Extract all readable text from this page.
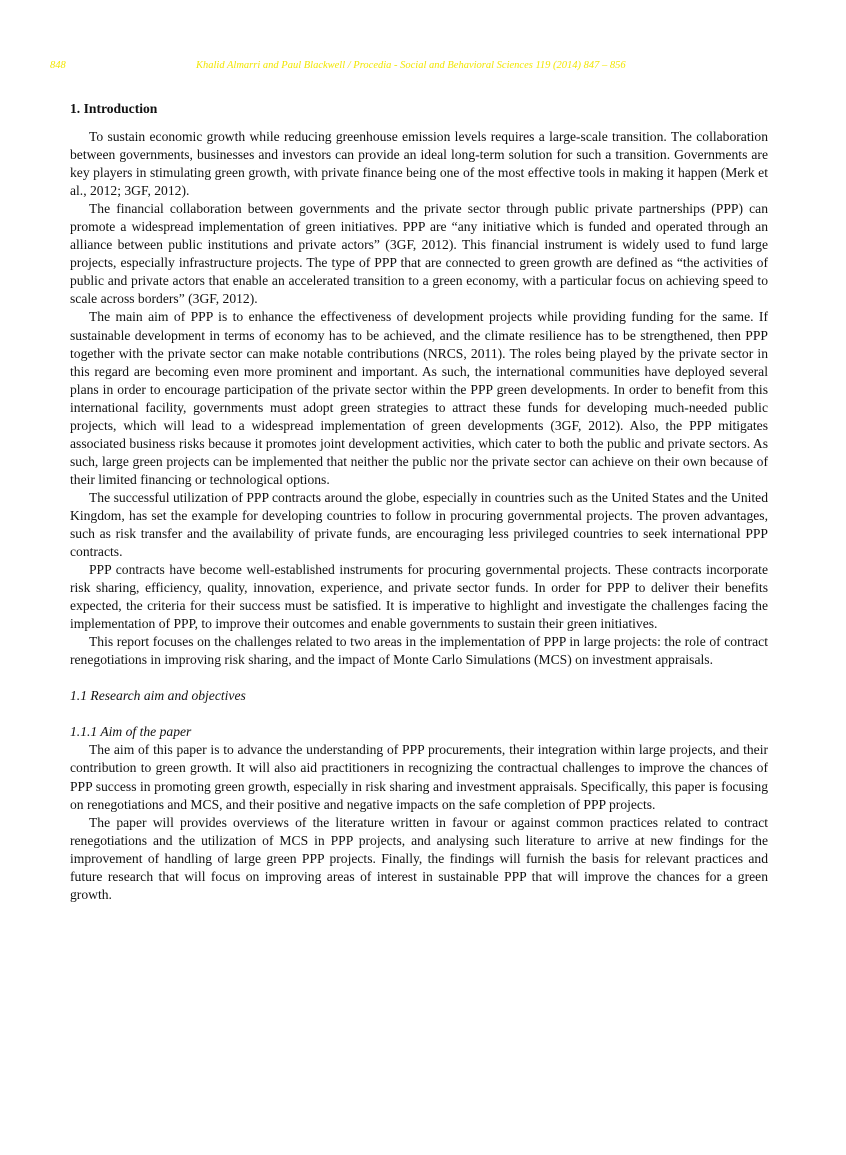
848	Khalid Almarri and Paul Blackwell / Procedia - Social and Behavioral Sciences 119 (2014) 847 – 856
1. Introduction

To sustain economic growth while reducing greenhouse emission levels requires a large-scale transition. The collaboration between governments, businesses and investors can provide an ideal long-term solution for such a transition. Governments are key players in stimulating green growth, with private finance being one of the most effective tools in making it happen (Merk et al., 2012; 3GF, 2012).

The financial collaboration between governments and the private sector through public private partnerships (PPP) can promote a widespread implementation of green initiatives. PPP are “any initiative which is funded and operated through an alliance between public institutions and private actors” (3GF, 2012). This financial instrument is widely used to fund large projects, especially infrastructure projects. The type of PPP that are connected to green growth are defined as “the activities of public and private actors that enable an accelerated transition to a green economy, with a particular focus on achieving speed to scale across borders” (3GF, 2012).

The main aim of PPP is to enhance the effectiveness of development projects while providing funding for the same. If sustainable development in terms of economy has to be achieved, and the climate resilience has to be strengthened, then PPP together with the private sector can make notable contributions (NRCS, 2011). The roles being played by the private sector in this regard are becoming even more prominent and important. As such, the international communities have deployed several plans in order to encourage participation of the private sector within the PPP green developments. In order to benefit from this international facility, governments must adopt green strategies to attract these funds for developing much-needed public projects, which will lead to a widespread implementation of green developments (3GF, 2012). Also, the PPP mitigates associated business risks because it promotes joint development activities, which cater to both the public and private sectors. As such, large green projects can be implemented that neither the public nor the private sector can achieve on their own because of their limited financing or technological options.

The successful utilization of PPP contracts around the globe, especially in countries such as the United States and the United Kingdom, has set the example for developing countries to follow in procuring governmental projects. The proven advantages, such as risk transfer and the availability of private funds, are encouraging less privileged countries to seek international PPP contracts.

PPP contracts have become well-established instruments for procuring governmental projects. These contracts incorporate risk sharing, efficiency, quality, innovation, experience, and private sector funds. In order for PPP to deliver their benefits expected, the criteria for their success must be satisfied. It is imperative to highlight and investigate the challenges facing the implementation of PPP, to improve their outcomes and enable governments to sustain their green initiatives.

This report focuses on the challenges related to two areas in the implementation of PPP in large projects: the role of contract renegotiations in improving risk sharing, and the impact of Monte Carlo Simulations (MCS) on investment appraisals.

1.1 Research aim and objectives
1.1.1 Aim of the paper

The aim of this paper is to advance the understanding of PPP procurements, their integration within large projects, and their contribution to green growth. It will also aid practitioners in recognizing the contractual challenges to improve the chances of PPP success in promoting green growth, especially in risk sharing and investment appraisals. Specifically, this paper is focusing on renegotiations and MCS, and their positive and negative impacts on the safe completion of PPP projects.

The paper will provides overviews of the literature written in favour or against common practices related to contract renegotiations and the utilization of MCS in PPP projects, and analysing such literature to arrive at new findings for the improvement of handling of large green PPP projects. Finally, the findings will furnish the basis for relevant practices and future research that will focus on improving areas of interest in sustainable PPP that will improve the chances for a green growth.
